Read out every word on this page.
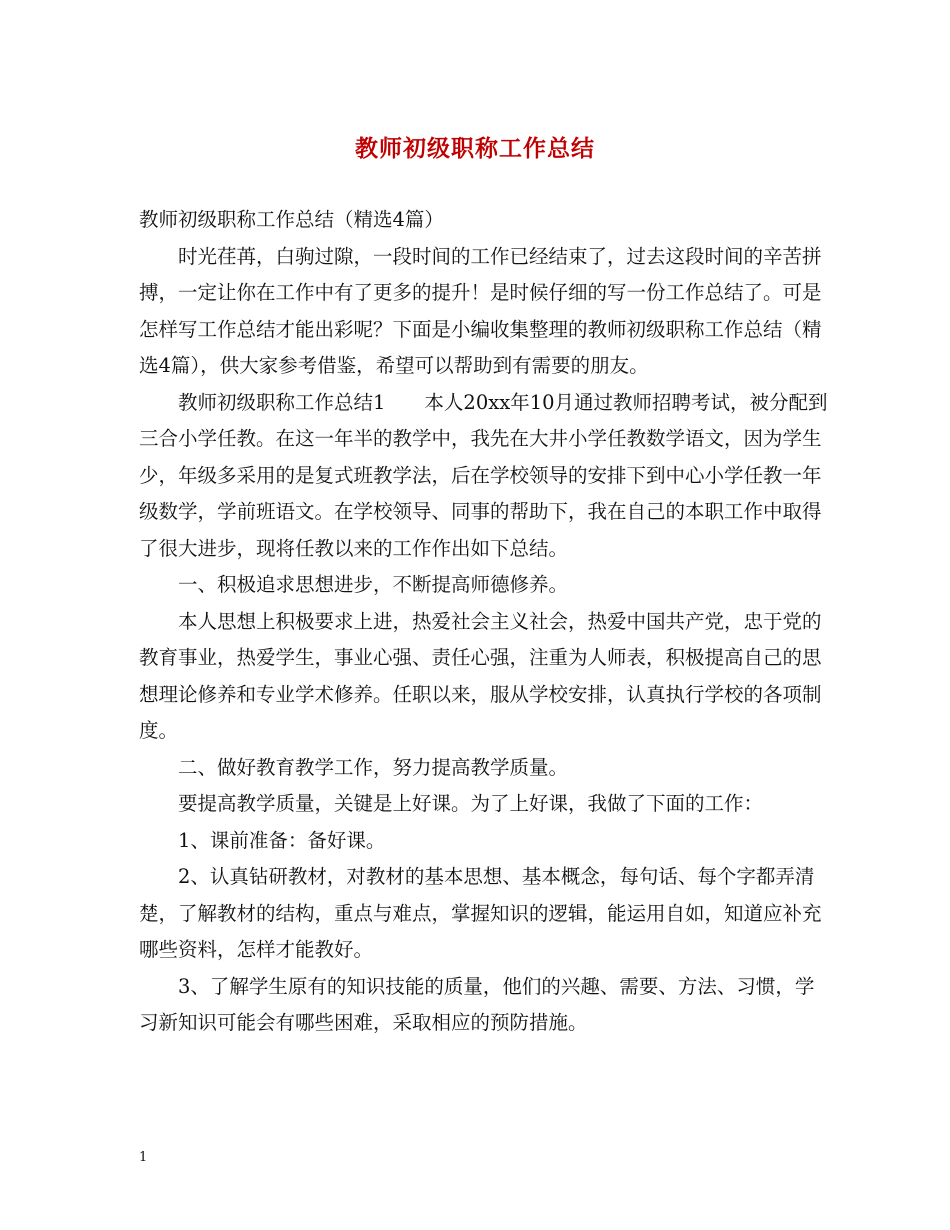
教师初级职称工作总结

教师初级职称工作总结（精选4篇）

时光荏苒，白驹过隙，一段时间的工作已经结束了，过去这段时间的辛苦拼搏，一定让你在工作中有了更多的提升！是时候仔细的写一份工作总结了。可是怎样写工作总结才能出彩呢？下面是小编收集整理的教师初级职称工作总结（精选4篇），供大家参考借鉴，希望可以帮助到有需要的朋友。

教师初级职称工作总结1　　本人20xx年10月通过教师招聘考试，被分配到三合小学任教。在这一年半的教学中，我先在大井小学任教数学语文，因为学生少，年级多采用的是复式班教学法，后在学校领导的安排下到中心小学任教一年级数学，学前班语文。在学校领导、同事的帮助下，我在自己的本职工作中取得了很大进步，现将任教以来的工作作出如下总结。

一、积极追求思想进步，不断提高师德修养。

本人思想上积极要求上进，热爱社会主义社会，热爱中国共产党，忠于党的教育事业，热爱学生，事业心强、责任心强，注重为人师表，积极提高自己的思想理论修养和专业学术修养。任职以来，服从学校安排，认真执行学校的各项制度。

二、做好教育教学工作，努力提高教学质量。

要提高教学质量，关键是上好课。为了上好课，我做了下面的工作：

1、课前准备：备好课。

2、认真钻研教材，对教材的基本思想、基本概念，每句话、每个字都弄清楚，了解教材的结构，重点与难点，掌握知识的逻辑，能运用自如，知道应补充哪些资料，怎样才能教好。

3、了解学生原有的知识技能的质量，他们的兴趣、需要、方法、习惯，学习新知识可能会有哪些困难，采取相应的预防措施。

1
